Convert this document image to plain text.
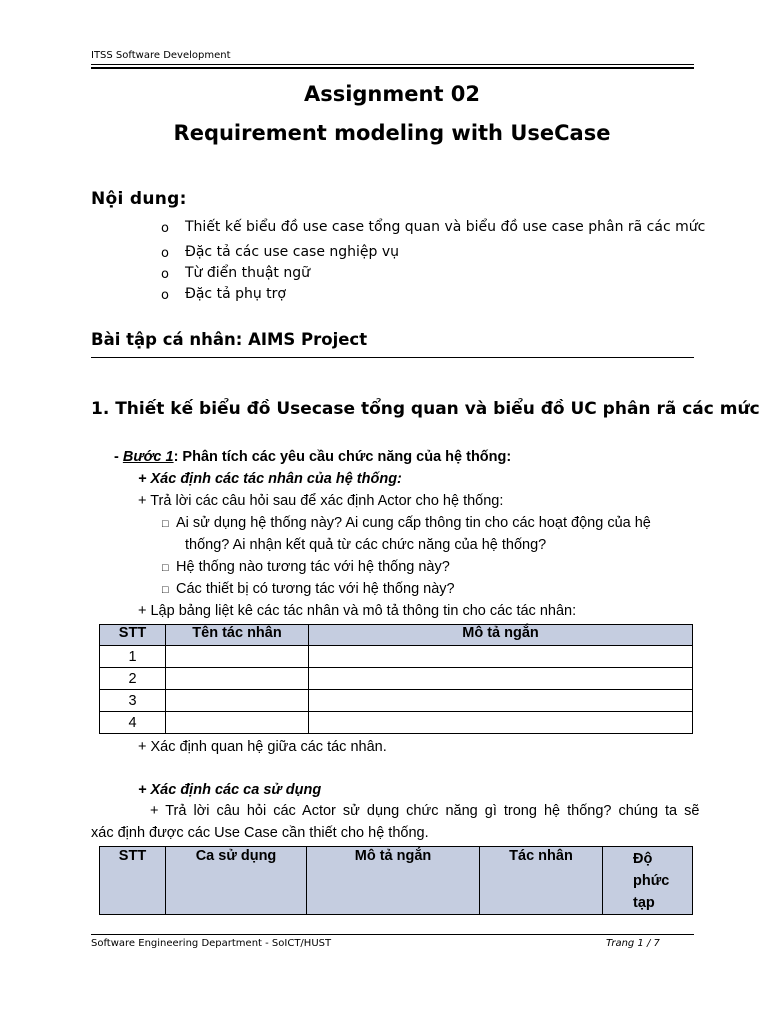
ITSS Software Development
Assignment 02
Requirement modeling with UseCase
Nội dung:
o Thiết kế biểu đồ use case tổng quan và biểu đồ use case phân rã các mức
o Đặc tả các use case nghiệp vụ
o Từ điển thuật ngữ
o Đặc tả phụ trợ
Bài tập cá nhân: AIMS Project
1. Thiết kế biểu đồ Usecase tổng quan và biểu đồ UC phân rã các mức
- Bước 1: Phân tích các yêu cầu chức năng của hệ thống:
+ Xác định các tác nhân của hệ thống:
+ Trả lời các câu hỏi sau để xác định Actor cho hệ thống:
□ Ai sử dụng hệ thống này? Ai cung cấp thông tin cho các hoạt động của hệ
thống? Ai nhận kết quả từ các chức năng của hệ thống?
□ Hệ thống nào tương tác với hệ thống này?
□ Các thiết bị có tương tác với hệ thống này?
+ Lập bảng liệt kê các tác nhân và mô tả thông tin cho các tác nhân:
STT	Tên tác nhân	Mô tả ngắn
1		
2		
3		
4		
+ Xác định quan hệ giữa các tác nhân.
+ Xác định các ca sử dụng
+ Trả lời câu hỏi các Actor sử dụng chức năng gì trong hệ thống? chúng ta sẽ
xác định được các Use Case cần thiết cho hệ thống.
STT	Ca sử dụng	Mô tả ngắn	Tác nhân	Độ
phức
tạp
Software Engineering Department - SoICT/HUST	Trang 1 / 7
